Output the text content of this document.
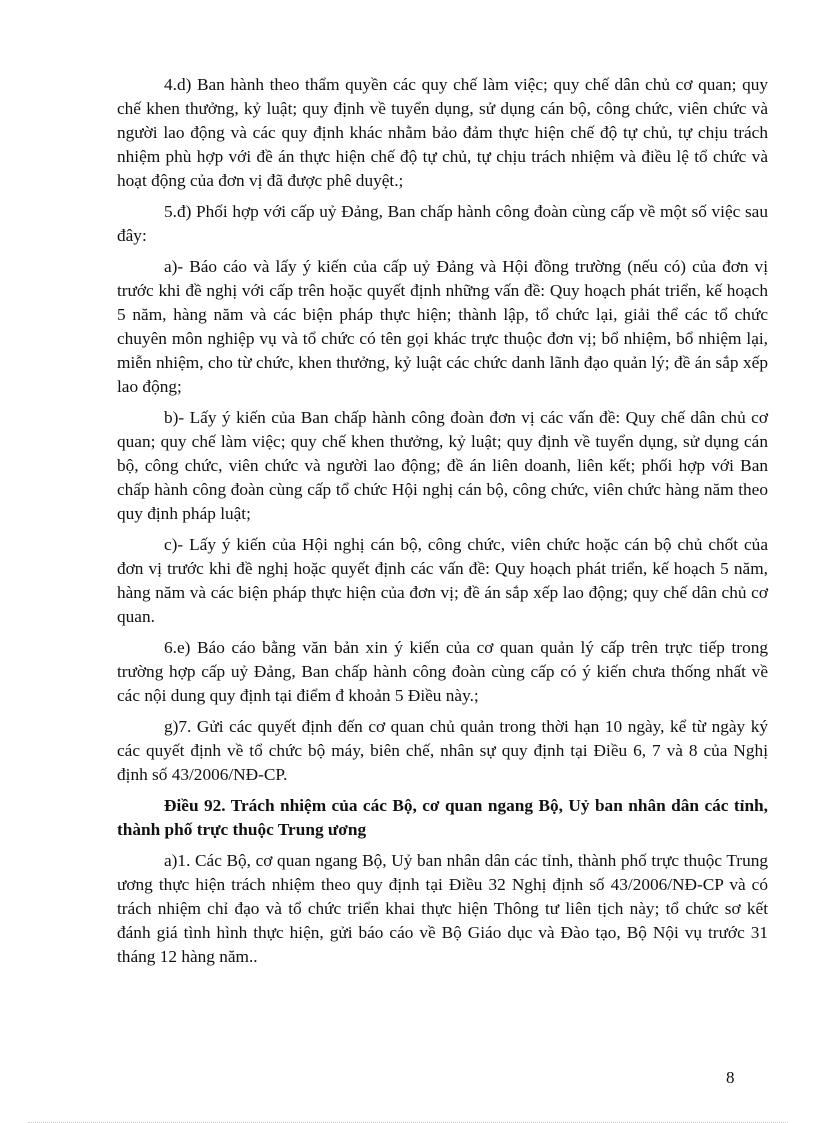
4.d) Ban hành theo thẩm quyền các quy chế làm việc; quy chế dân chủ cơ quan; quy chế khen thưởng, kỷ luật; quy định về tuyển dụng, sử dụng cán bộ, công chức, viên chức và người lao động và các quy định khác nhằm bảo đảm thực hiện chế độ tự chủ, tự chịu trách nhiệm phù hợp với đề án thực hiện chế độ tự chủ, tự chịu trách nhiệm và điều lệ tổ chức và hoạt động của đơn vị đã được phê duyệt.;

5.đ) Phối hợp với cấp uỷ Đảng, Ban chấp hành công đoàn cùng cấp về một số việc sau đây:

a)- Báo cáo và lấy ý kiến của cấp uỷ Đảng và Hội đồng trường (nếu có) của đơn vị trước khi đề nghị với cấp trên hoặc quyết định những vấn đề: Quy hoạch phát triển, kế hoạch 5 năm, hàng năm và các biện pháp thực hiện; thành lập, tổ chức lại, giải thể các tổ chức chuyên môn nghiệp vụ và tổ chức có tên gọi khác trực thuộc đơn vị; bổ nhiệm, bổ nhiệm lại, miễn nhiệm, cho từ chức, khen thưởng, kỷ luật các chức danh lãnh đạo quản lý; đề án sắp xếp lao động;

b)- Lấy ý kiến của Ban chấp hành công đoàn đơn vị các vấn đề: Quy chế dân chủ cơ quan; quy chế làm việc; quy chế khen thưởng, kỷ luật; quy định về tuyển dụng, sử dụng cán bộ, công chức, viên chức và người lao động; đề án liên doanh, liên kết; phối hợp với Ban chấp hành công đoàn cùng cấp tổ chức Hội nghị cán bộ, công chức, viên chức hàng năm theo quy định pháp luật;

c)- Lấy ý kiến của Hội nghị cán bộ, công chức, viên chức hoặc cán bộ chủ chốt của đơn vị trước khi đề nghị hoặc quyết định các vấn đề: Quy hoạch phát triển, kế hoạch 5 năm, hàng năm và các biện pháp thực hiện của đơn vị; đề án sắp xếp lao động; quy chế dân chủ cơ quan.

6.e) Báo cáo bằng văn bản xin ý kiến của cơ quan quản lý cấp trên trực tiếp trong trường hợp cấp uỷ Đảng, Ban chấp hành công đoàn cùng cấp có ý kiến chưa thống nhất về các nội dung quy định tại điểm đ khoản 5 Điều này.;

g)7. Gửi các quyết định đến cơ quan chủ quản trong thời hạn 10 ngày, kể từ ngày ký các quyết định về tổ chức bộ máy, biên chế, nhân sự quy định tại Điều 6, 7 và 8 của Nghị định số 43/2006/NĐ-CP.

Điều 92. Trách nhiệm của các Bộ, cơ quan ngang Bộ, Uỷ ban nhân dân các tỉnh, thành phố trực thuộc Trung ương

a)1. Các Bộ, cơ quan ngang Bộ, Uỷ ban nhân dân các tỉnh, thành phố trực thuộc Trung ương thực hiện trách nhiệm theo quy định tại Điều 32 Nghị định số 43/2006/NĐ-CP và có trách nhiệm chỉ đạo và tổ chức triển khai thực hiện Thông tư liên tịch này; tổ chức sơ kết đánh giá tình hình thực hiện, gửi báo cáo về Bộ Giáo dục và Đào tạo, Bộ Nội vụ trước 31 tháng 12 hàng năm..

8
